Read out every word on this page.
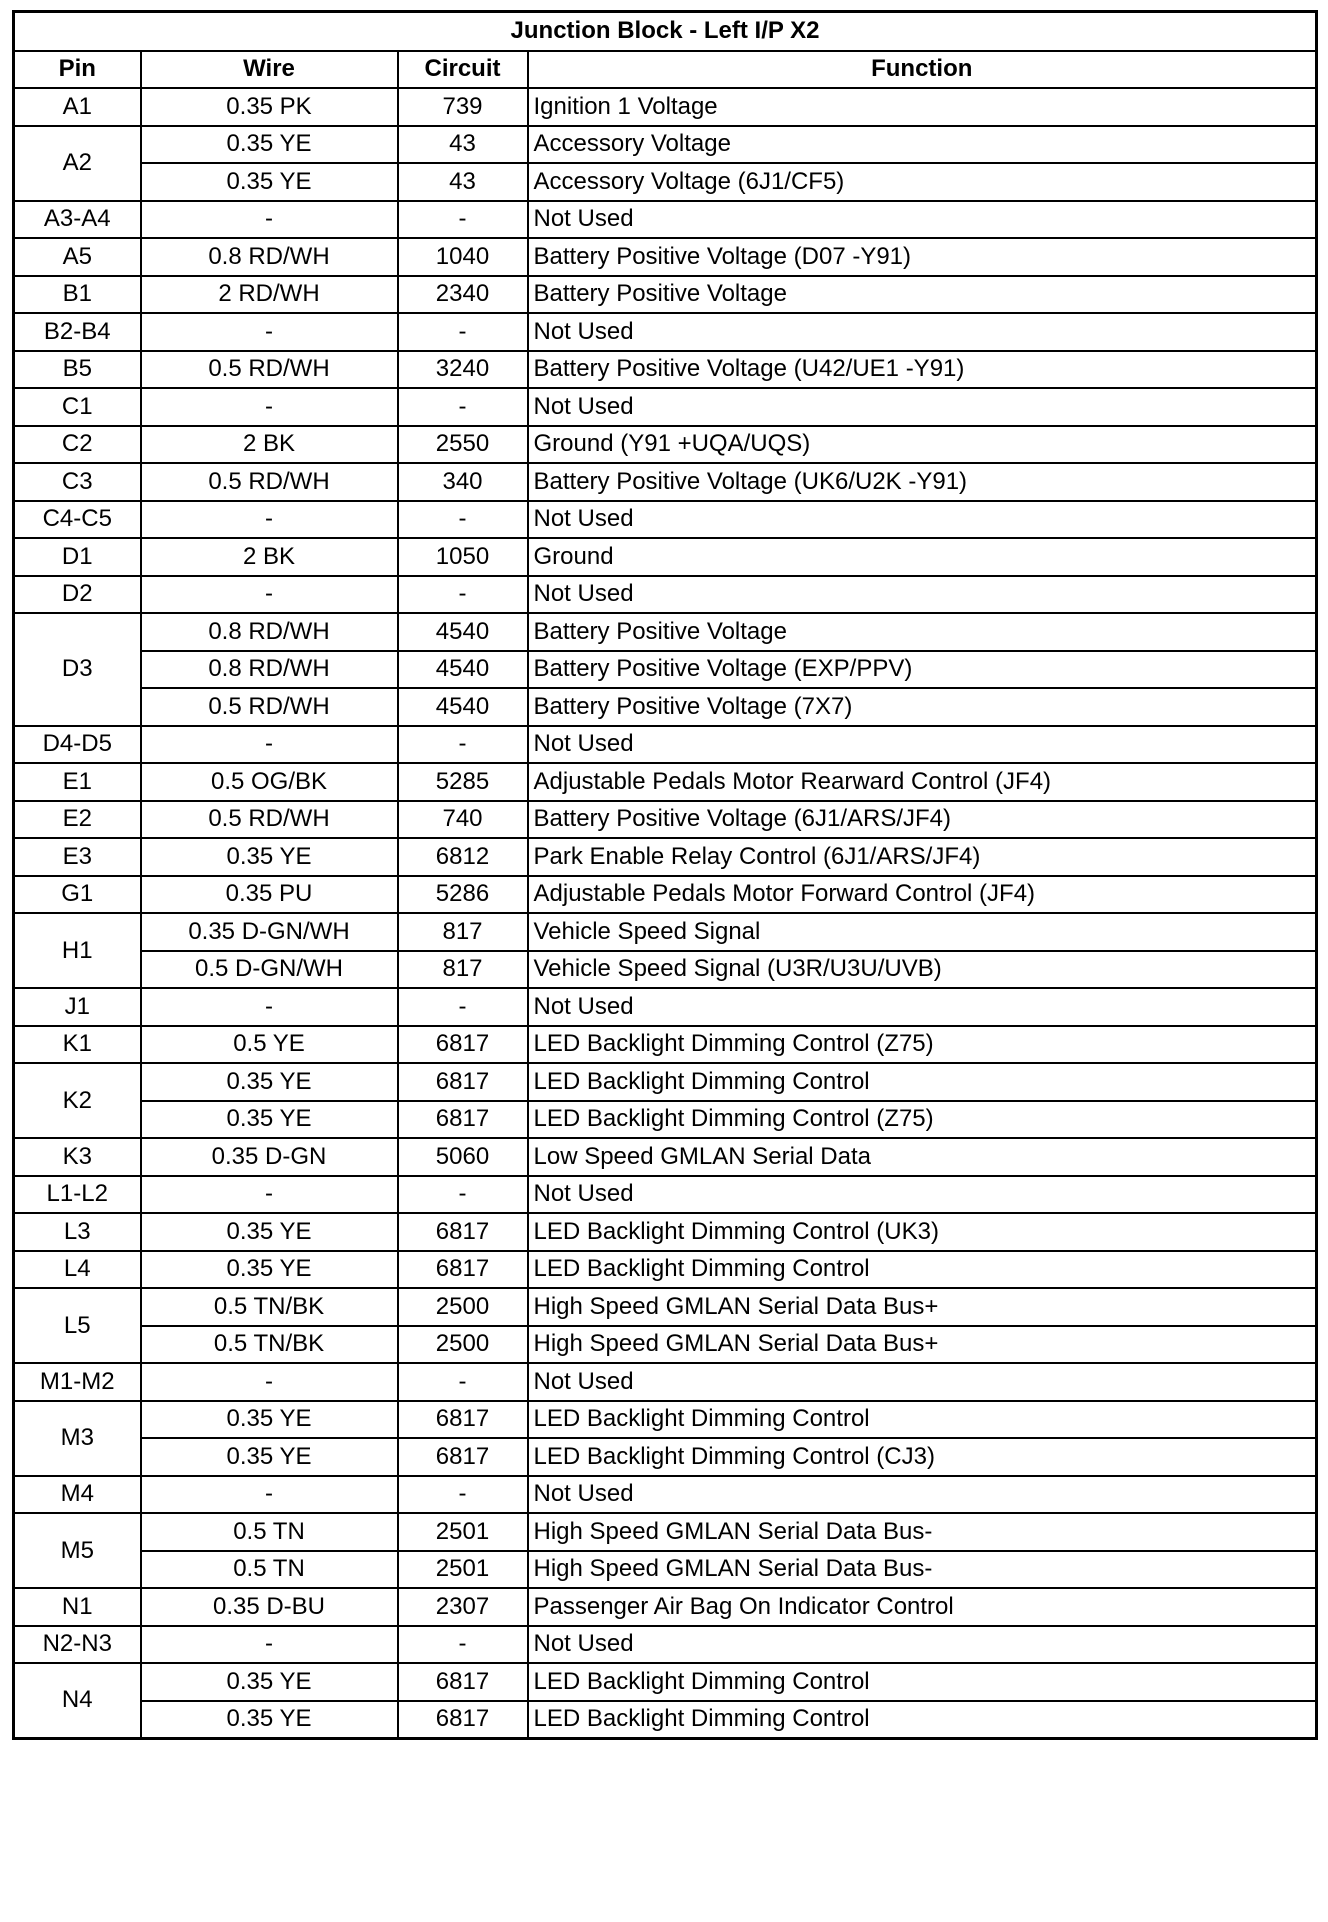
Junction Block - Left I/P X2			
Pin	Wire	Circuit	Function
A1	0.35 PK	739	Ignition 1 Voltage
A2	0.35 YE	43	Accessory Voltage
	0.35 YE	43	Accessory Voltage (6J1/CF5)
A3-A4	-	-	Not Used
A5	0.8 RD/WH	1040	Battery Positive Voltage (D07 -Y91)
B1	2 RD/WH	2340	Battery Positive Voltage
B2-B4	-	-	Not Used
B5	0.5 RD/WH	3240	Battery Positive Voltage (U42/UE1 -Y91)
C1	-	-	Not Used
C2	2 BK	2550	Ground (Y91 +UQA/UQS)
C3	0.5 RD/WH	340	Battery Positive Voltage (UK6/U2K -Y91)
C4-C5	-	-	Not Used
D1	2 BK	1050	Ground
D2	-	-	Not Used
D3	0.8 RD/WH	4540	Battery Positive Voltage
	0.8 RD/WH	4540	Battery Positive Voltage (EXP/PPV)
	0.5 RD/WH	4540	Battery Positive Voltage (7X7)
D4-D5	-	-	Not Used
E1	0.5 OG/BK	5285	Adjustable Pedals Motor Rearward Control (JF4)
E2	0.5 RD/WH	740	Battery Positive Voltage (6J1/ARS/JF4)
E3	0.35 YE	6812	Park Enable Relay Control (6J1/ARS/JF4)
G1	0.35 PU	5286	Adjustable Pedals Motor Forward Control (JF4)
H1	0.35 D-GN/WH	817	Vehicle Speed Signal
	0.5 D-GN/WH	817	Vehicle Speed Signal (U3R/U3U/UVB)
J1	-	-	Not Used
K1	0.5 YE	6817	LED Backlight Dimming Control (Z75)
K2	0.35 YE	6817	LED Backlight Dimming Control
	0.35 YE	6817	LED Backlight Dimming Control (Z75)
K3	0.35 D-GN	5060	Low Speed GMLAN Serial Data
L1-L2	-	-	Not Used
L3	0.35 YE	6817	LED Backlight Dimming Control (UK3)
L4	0.35 YE	6817	LED Backlight Dimming Control
L5	0.5 TN/BK	2500	High Speed GMLAN Serial Data Bus+
	0.5 TN/BK	2500	High Speed GMLAN Serial Data Bus+
M1-M2	-	-	Not Used
M3	0.35 YE	6817	LED Backlight Dimming Control
	0.35 YE	6817	LED Backlight Dimming Control (CJ3)
M4	-	-	Not Used
M5	0.5 TN	2501	High Speed GMLAN Serial Data Bus-
	0.5 TN	2501	High Speed GMLAN Serial Data Bus-
N1	0.35 D-BU	2307	Passenger Air Bag On Indicator Control
N2-N3	-	-	Not Used
N4	0.35 YE	6817	LED Backlight Dimming Control
	0.35 YE	6817	LED Backlight Dimming Control
